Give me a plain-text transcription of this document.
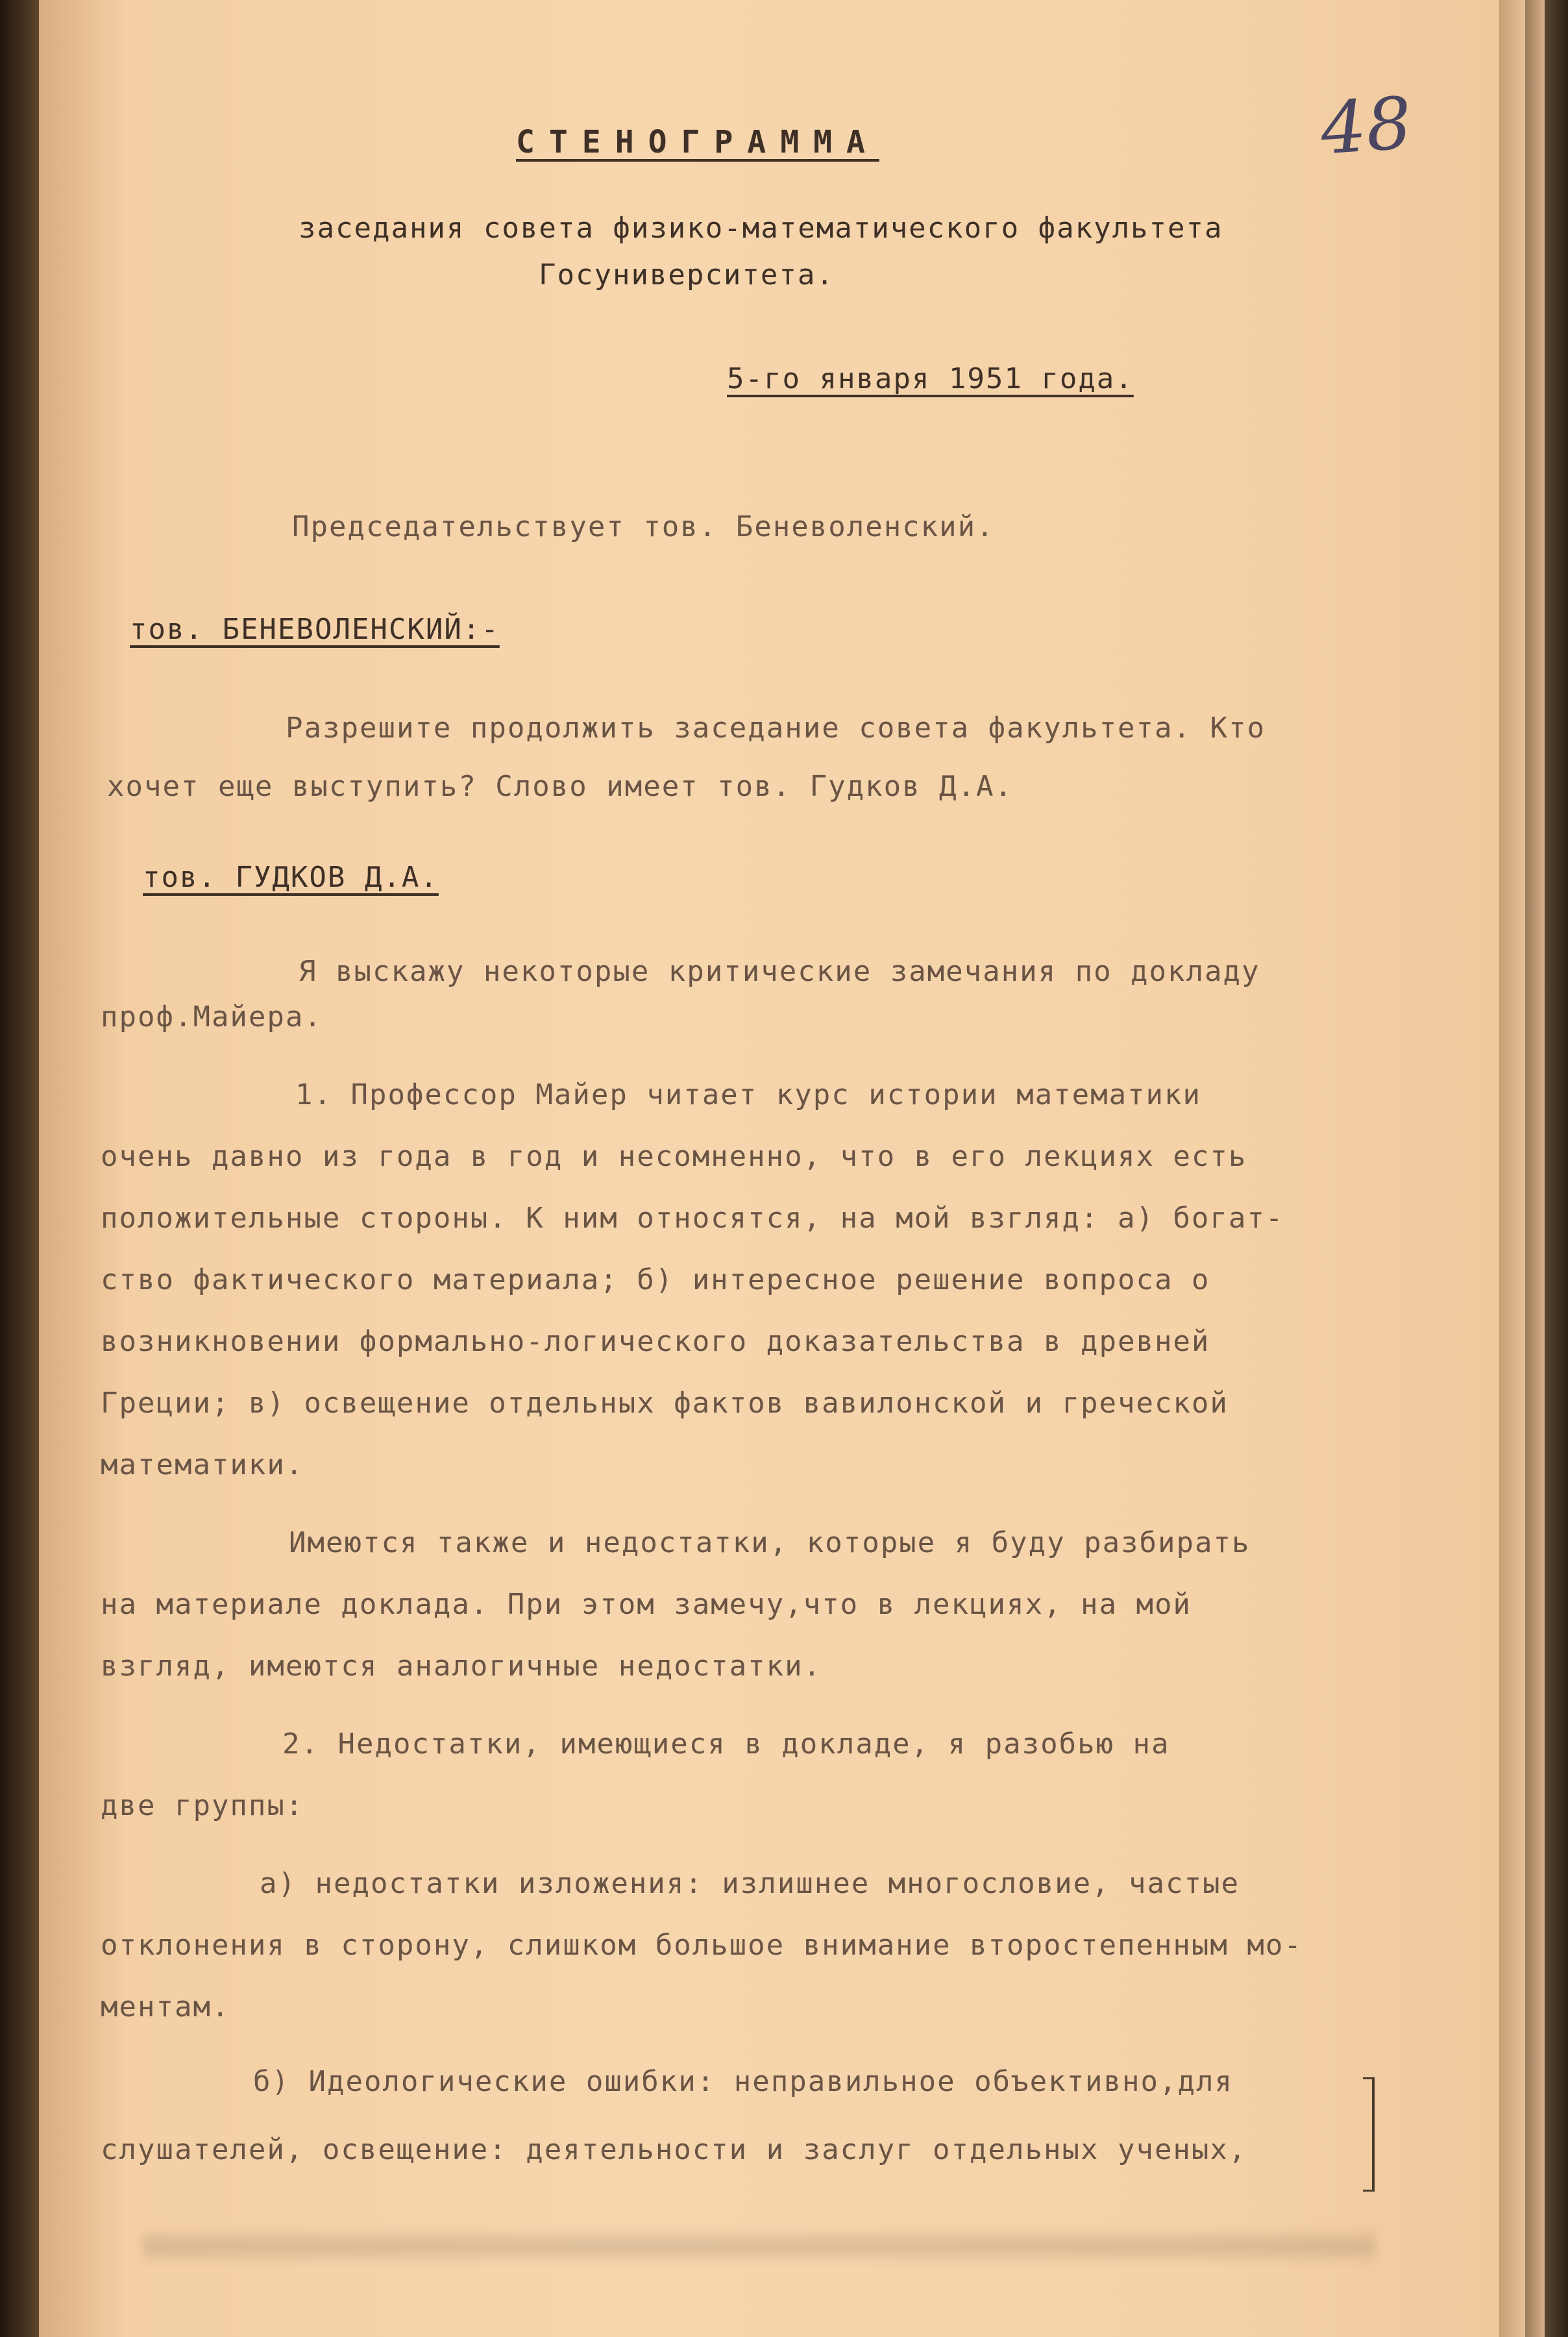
48
СТЕНОГРАММА
заседания совета физико-математического факультета
Госуниверситета.
5-го января 1951 года.
Председательствует тов. Беневоленский.
тов. БЕНЕВОЛЕНСКИЙ:-
Разрешите продолжить заседание совета факультета. Кто
хочет еще выступить? Слово имеет тов. Гудков Д.А.
тов. ГУДКОВ Д.А.
Я выскажу некоторые критические замечания по докладу
проф.Майера.
1. Профессор Майер читает курс истории математики
очень давно из года в год и несомненно, что в его лекциях есть
положительные стороны. К ним относятся, на мой взгляд: а) богат-
ство фактического материала; б) интересное решение вопроса о
возникновении формально-логического доказательства в древней
Греции; в) освещение отдельных фактов вавилонской и греческой
математики.
Имеются также и недостатки, которые я буду разбирать
на материале доклада. При этом замечу,что в лекциях, на мой
взгляд, имеются аналогичные недостатки.
2. Недостатки, имеющиеся в докладе, я разобью на
две группы:
а) недостатки изложения: излишнее многословие, частые
отклонения в сторону, слишком большое внимание второстепенным мо-
ментам.
б) Идеологические ошибки: неправильное объективно,для
слушателей, освещение: деятельности и заслуг отдельных ученых,
